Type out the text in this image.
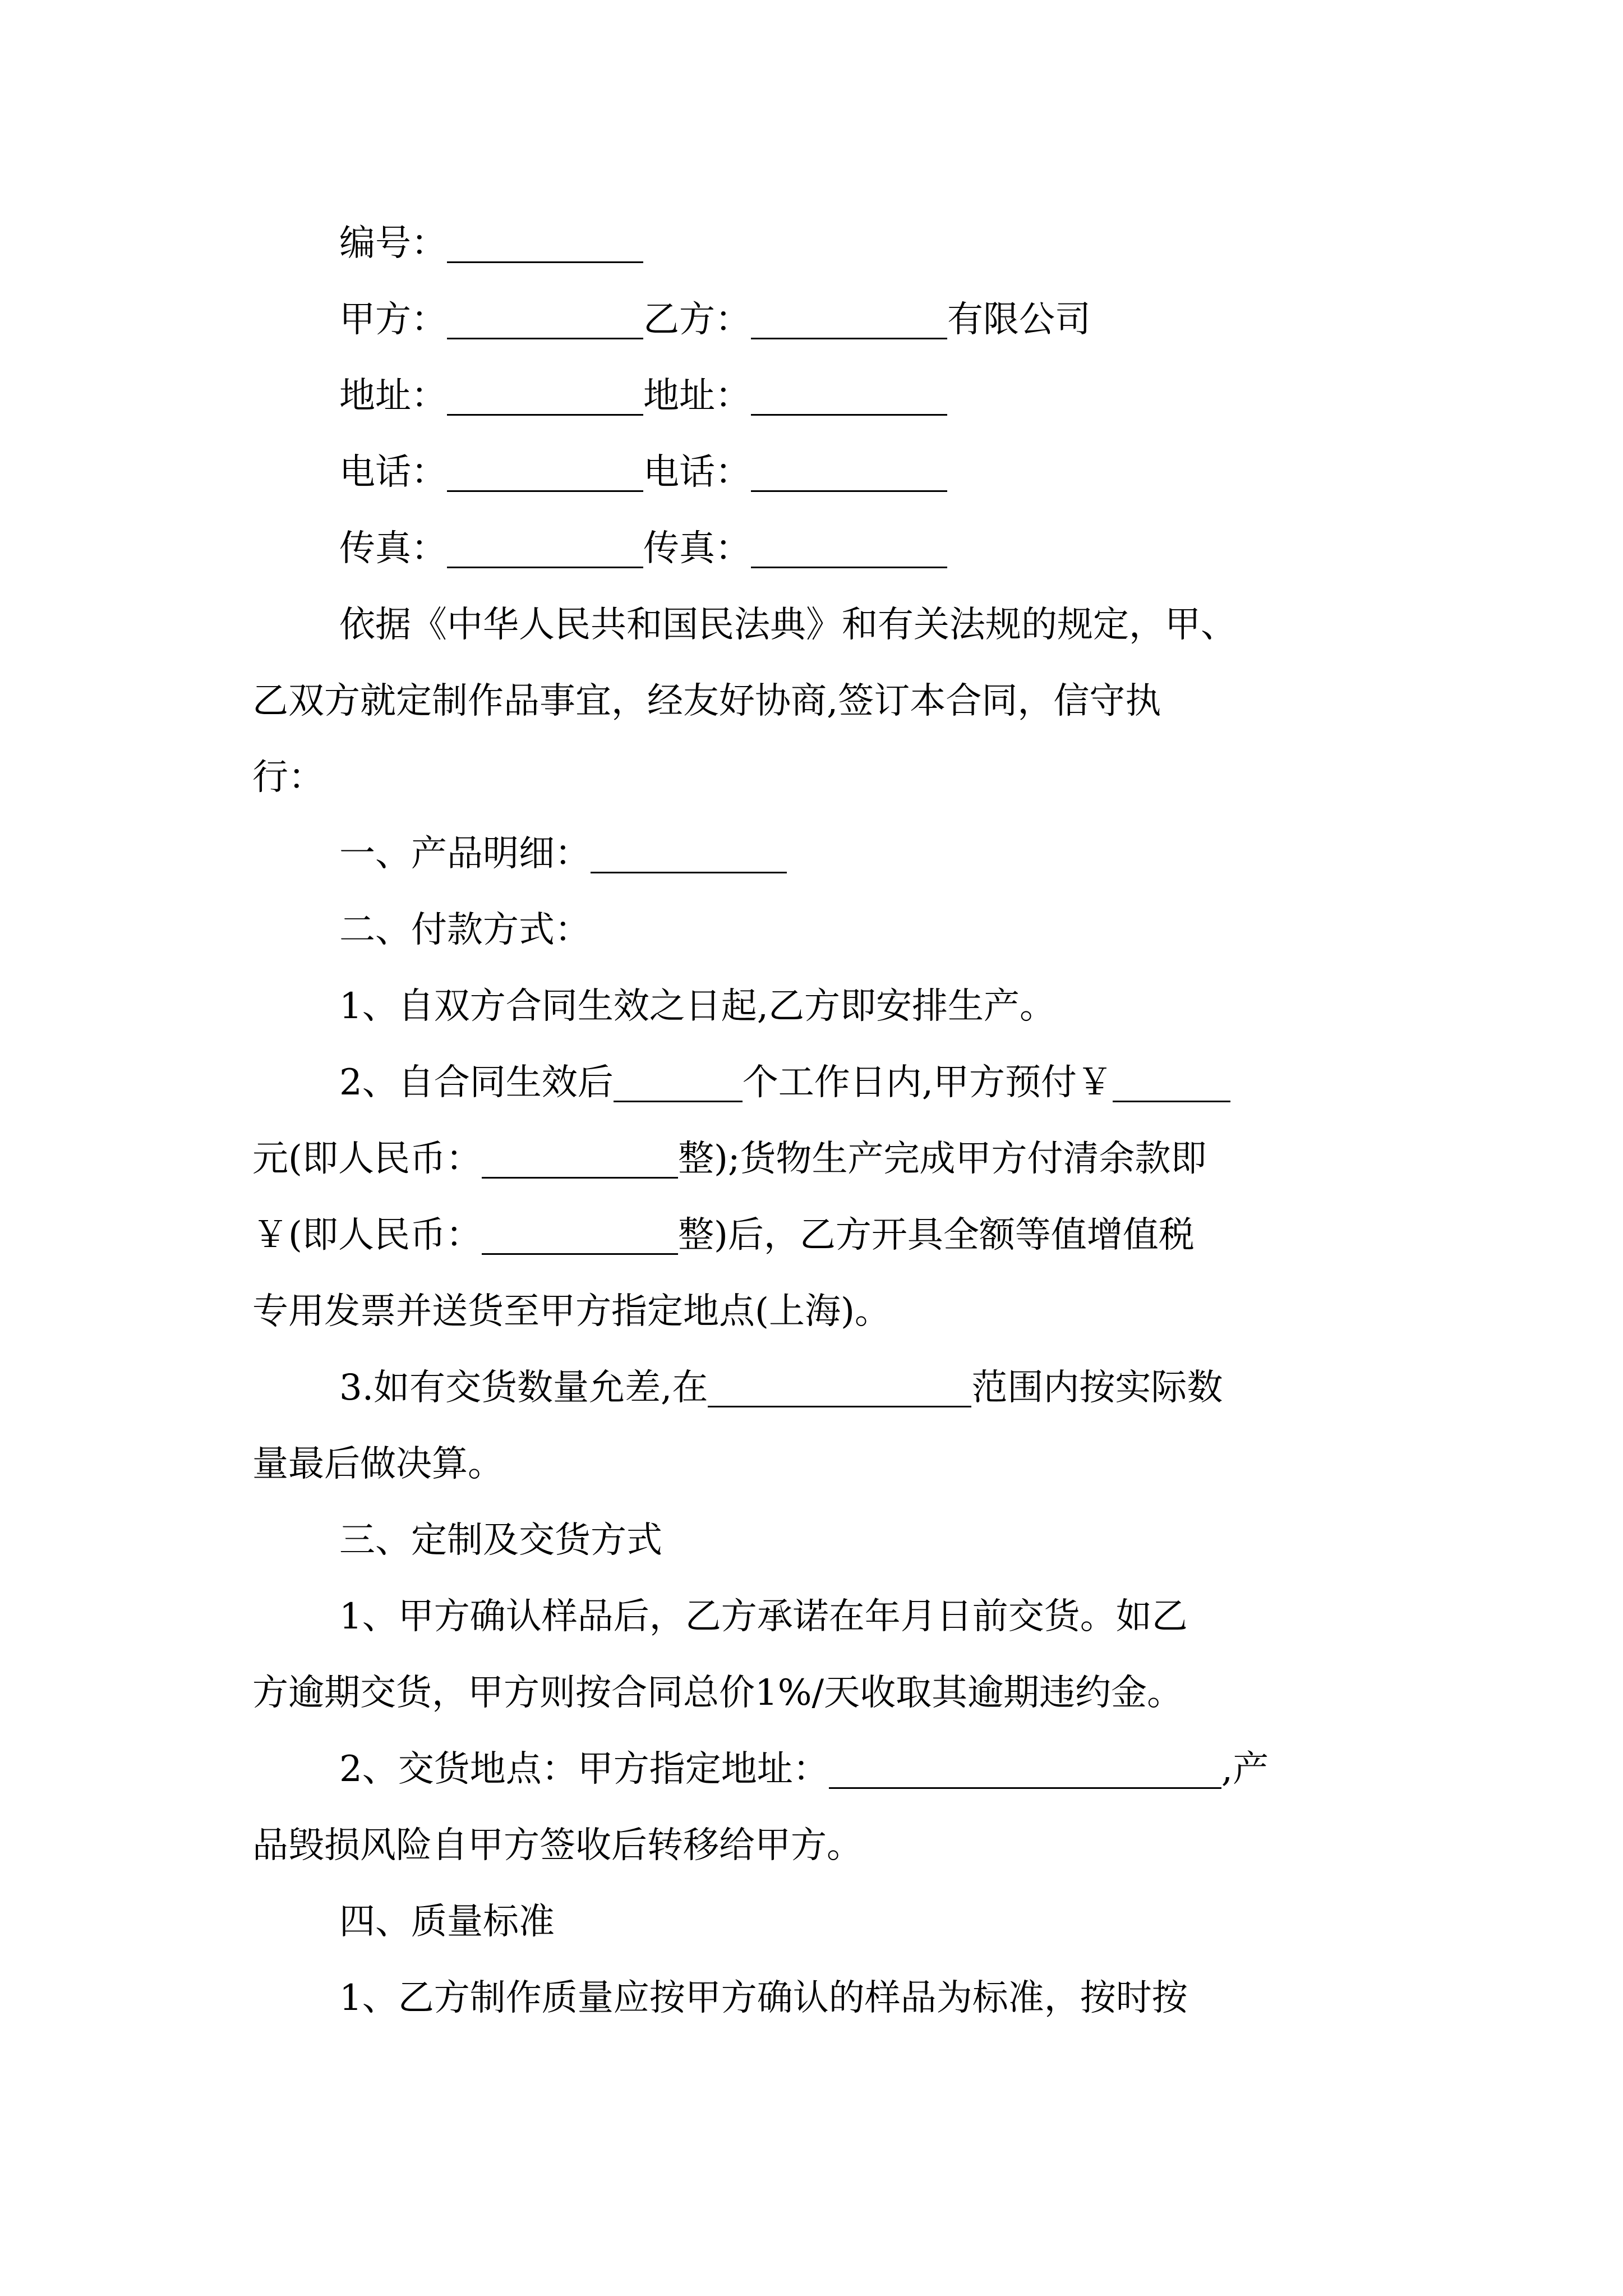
编号：
甲方：	乙方：	有限公司
地址：	地址：
电话：	电话：
传真：	传真：
依据《中华人民共和国民法典》和有关法规的规定，甲、
乙双方就定制作品事宜，经友好协商,签订本合同，信守执
行：
一、产品明细：
二、付款方式：
1、自双方合同生效之日起,乙方即安排生产。
2、自合同生效后	个工作日内,甲方预付￥
元(即人民币：	整);货物生产完成甲方付清余款即
￥(即人民币：	整)后，乙方开具全额等值增值税
专用发票并送货至甲方指定地点(上海)。
3.如有交货数量允差,在	范围内按实际数
量最后做决算。
三、定制及交货方式
1、甲方确认样品后，乙方承诺在年月日前交货。如乙
方逾期交货，甲方则按合同总价1%/天收取其逾期违约金。
2、交货地点：甲方指定地址：	,产
品毁损风险自甲方签收后转移给甲方。
四、质量标准
1、乙方制作质量应按甲方确认的样品为标准，按时按
